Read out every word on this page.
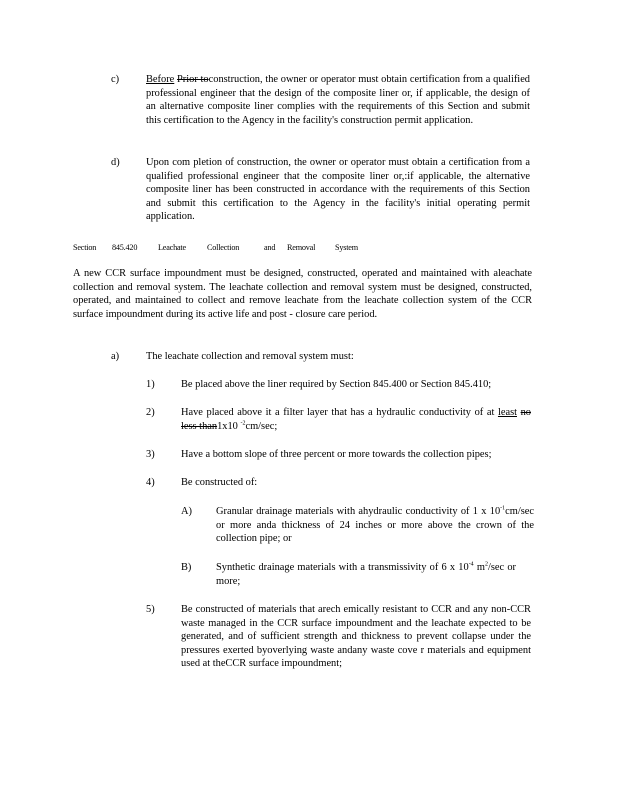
c)	Before Prior toconstruction, the owner or operator must obtain certification from a qualified professional engineer that the design of the composite liner or, if applicable, the design of an alternative composite liner complies with the requirements of this Section and submit this certification to the Agency in the facility's construction permit application.
d)	Upon com pletion of construction, the owner or operator must obtain a certification from a qualified professional engineer that the composite liner or,:if applicable, the alternative composite liner has been constructed in accordance with the requirements of this Section and submit this certification to the Agency in the facility's initial operating permit application.
Section 845.420	Leachate	Collection	and Removal System
A new CCR surface impoundment must be designed, constructed, operated and maintained with aleachate collection and removal system. The leachate collection and removal system must be designed, constructed, operated, and maintained to collect and remove leachate from the leachate collection system of the CCR surface impoundment during its active life and post - closure care period.
a)	The leachate collection and removal system must:
1)	Be placed above the liner required by Section 845.400 or Section 845.410;
2)	Have placed above it a filter layer that has a hydraulic conductivity of at least no less than1x10 $^{-2}$cm/sec;
3)	Have a bottom slope of three percent or more towards the collection pipes;
4)	Be constructed of:
A) Granular drainage materials with ahydraulic conductivity of 1 x $10^{-1}cm/\sec$ or more anda thickness of 24 inches or more above the crown of the collection pipe; or
B) Synthetic drainage materials with a transmissivity of 6 x $10^{-4}$ $m^2/\sec$ or more;
5)	Be constructed of materials that arech emically resistant to CCR and any non-CCR waste managed in the CCR surface impoundment and the leachate expected to be generated, and of sufficient strength and thickness to prevent collapse under the pressures exerted byoverlying waste andany waste cove r materials and equipment used at theCCR surface impoundment;
